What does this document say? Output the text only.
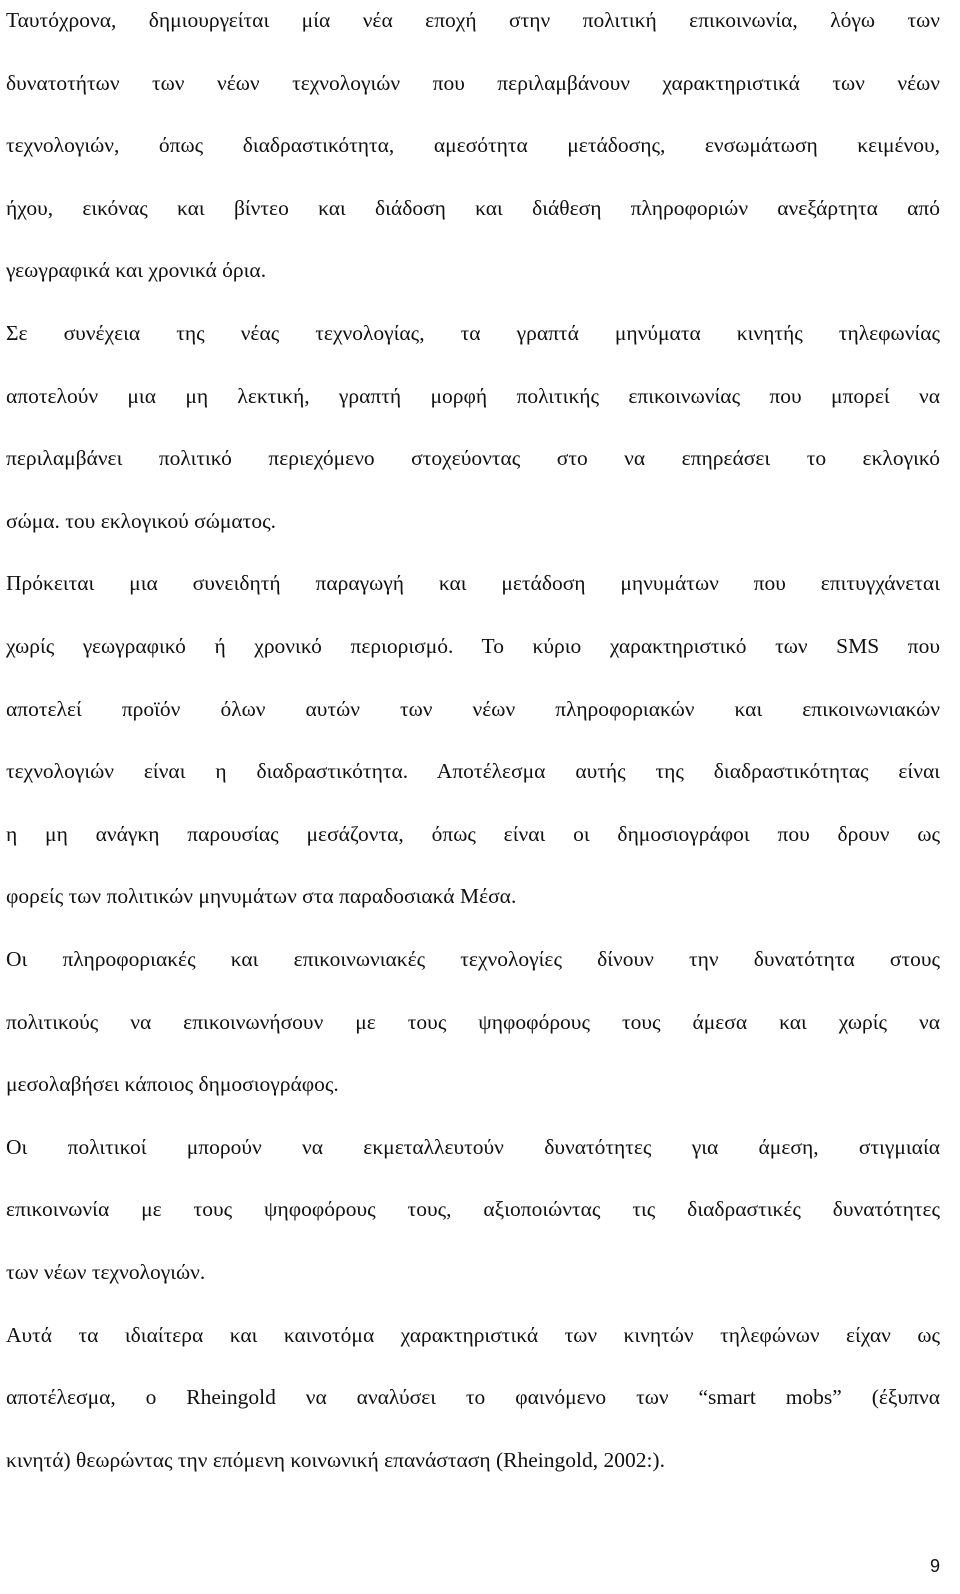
Ταυτόχρονα, δημιουργείται μία νέα εποχή στην πολιτική επικοινωνία, λόγω των
δυνατοτήτων των νέων τεχνολογιών που περιλαμβάνουν χαρακτηριστικά των νέων
τεχνολογιών, όπως διαδραστικότητα, αμεσότητα μετάδοσης, ενσωμάτωση κειμένου,
ήχου, εικόνας και βίντεο και διάδοση και διάθεση πληροφοριών ανεξάρτητα από
γεωγραφικά και χρονικά όρια.
Σε συνέχεια της νέας τεχνολογίας, τα γραπτά μηνύματα κινητής τηλεφωνίας
αποτελούν μια μη λεκτική, γραπτή μορφή πολιτικής επικοινωνίας που μπορεί να
περιλαμβάνει πολιτικό περιεχόμενο στοχεύοντας στο να επηρεάσει το εκλογικό
σώμα. του εκλογικού σώματος.
Πρόκειται μια συνειδητή παραγωγή και μετάδοση μηνυμάτων που επιτυγχάνεται
χωρίς γεωγραφικό ή χρονικό περιορισμό. Το κύριο χαρακτηριστικό των SMS που
αποτελεί προϊόν όλων αυτών των νέων πληροφοριακών και επικοινωνιακών
τεχνολογιών είναι η διαδραστικότητα. Αποτέλεσμα αυτής της διαδραστικότητας είναι
η μη ανάγκη παρουσίας μεσάζοντα, όπως είναι οι δημοσιογράφοι που δρουν ως
φορείς των πολιτικών μηνυμάτων στα παραδοσιακά Μέσα.
Οι πληροφοριακές και επικοινωνιακές τεχνολογίες δίνουν την δυνατότητα στους
πολιτικούς να επικοινωνήσουν με τους ψηφοφόρους τους άμεσα και χωρίς να
μεσολαβήσει κάποιος δημοσιογράφος.
Οι πολιτικοί μπορούν να εκμεταλλευτούν δυνατότητες για άμεση, στιγμιαία
επικοινωνία με τους ψηφοφόρους τους, αξιοποιώντας τις διαδραστικές δυνατότητες
των νέων τεχνολογιών.
Αυτά τα ιδιαίτερα και καινοτόμα χαρακτηριστικά των κινητών τηλεφώνων είχαν ως
αποτέλεσμα, ο Rheingold να αναλύσει το φαινόμενο των “smart mobs” (έξυπνα
κινητά) θεωρώντας την επόμενη κοινωνική επανάσταση (Rheingold, 2002:).
9
